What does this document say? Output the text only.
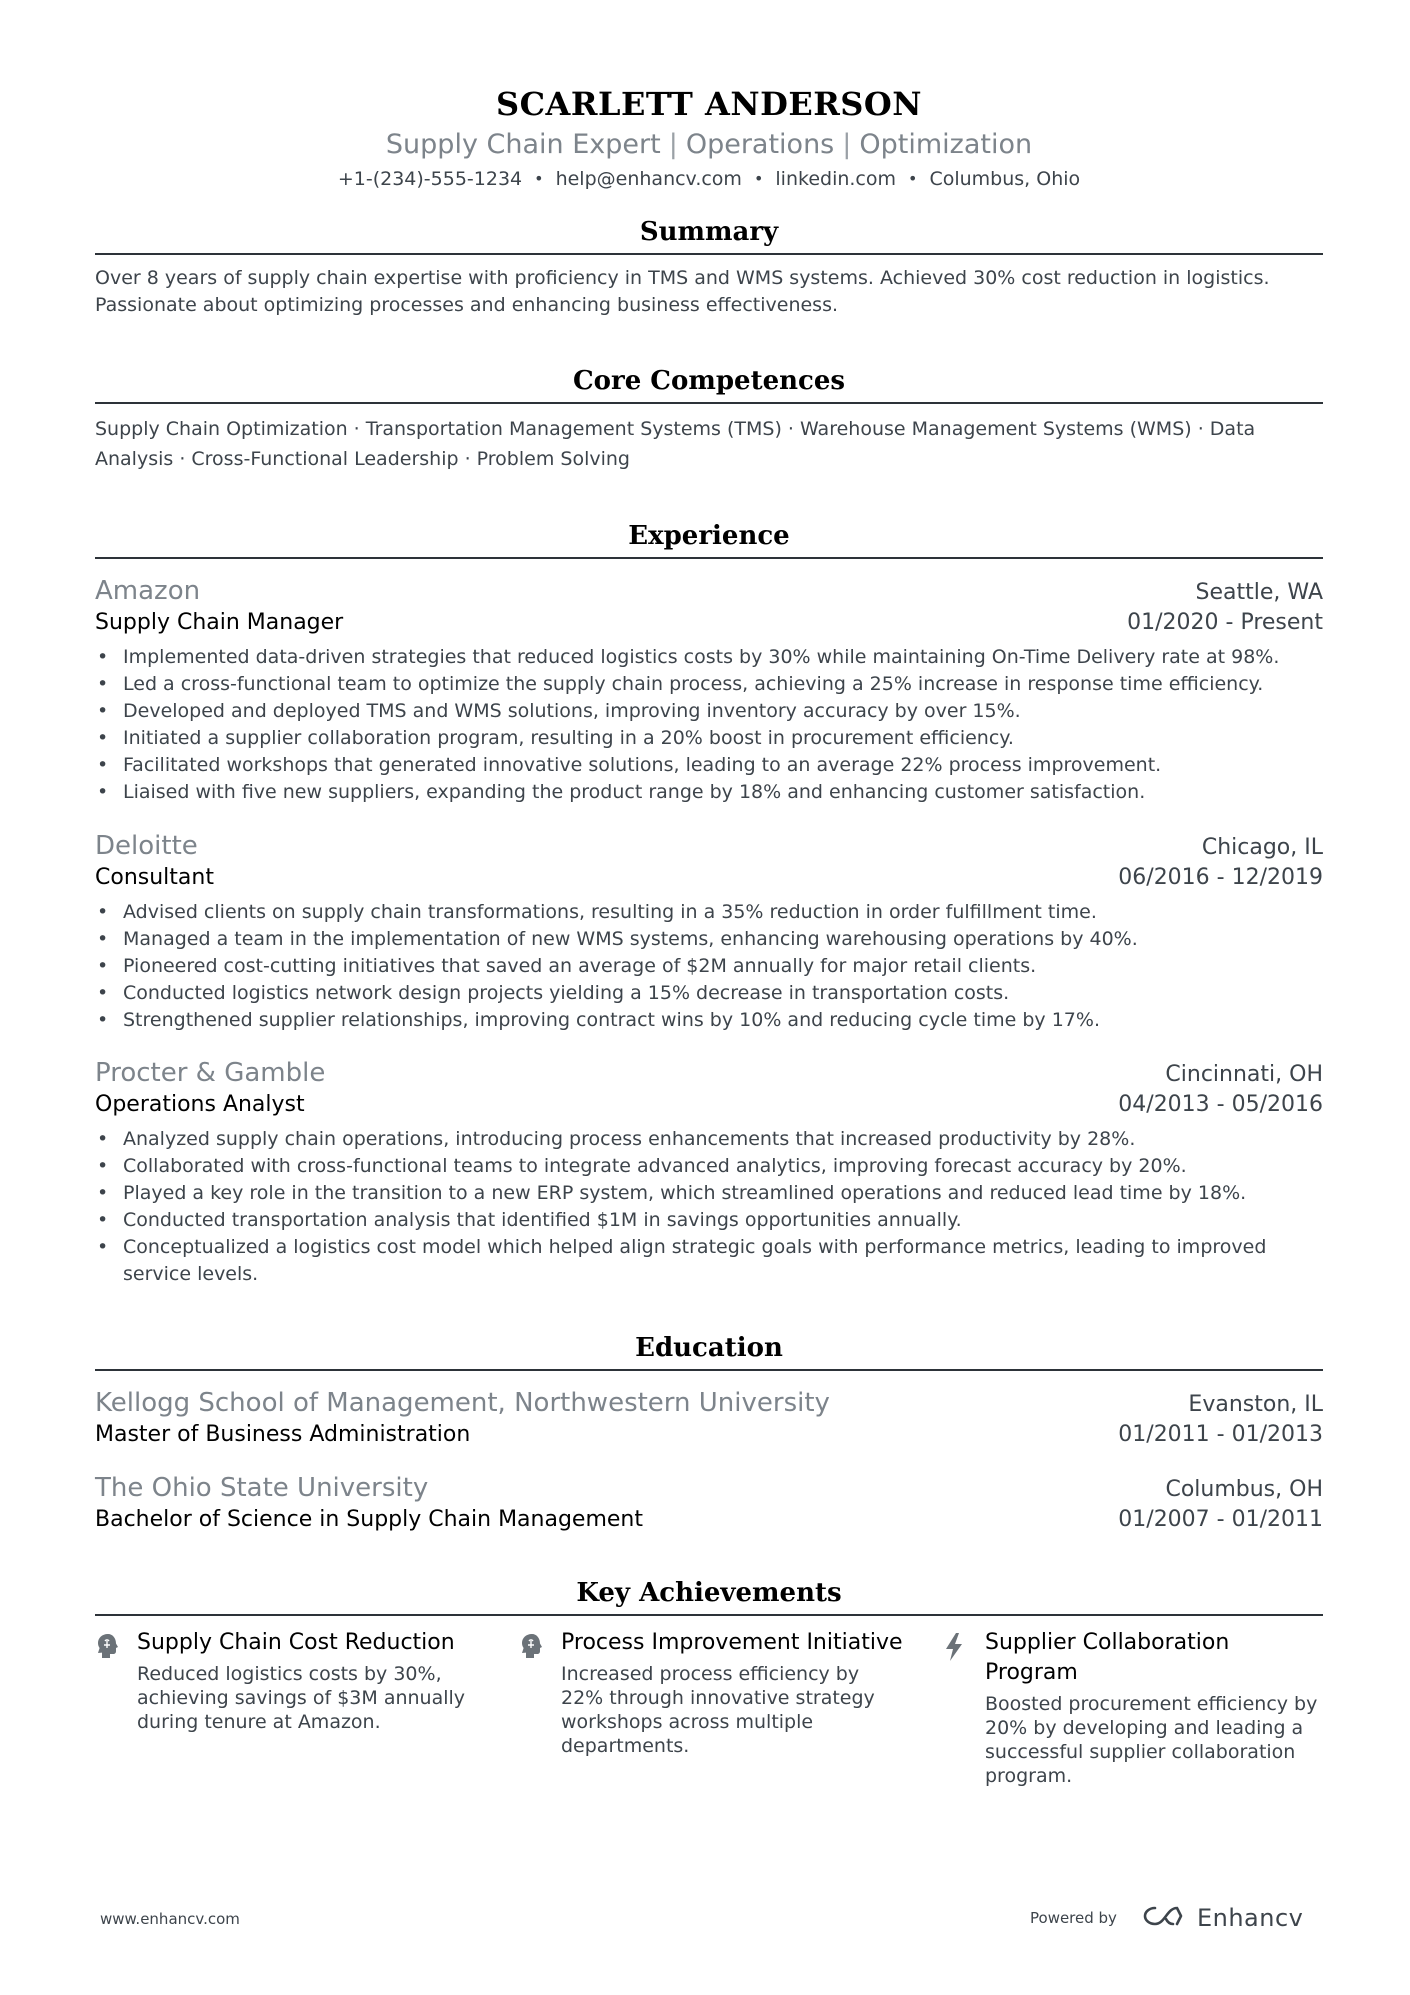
SCARLETT ANDERSON
Supply Chain Expert | Operations | Optimization
+1-(234)-555-1234 • help@enhancv.com • linkedin.com • Columbus, Ohio
Summary
Over 8 years of supply chain expertise with proficiency in TMS and WMS systems. Achieved 30% cost reduction in logistics. Passionate about optimizing processes and enhancing business effectiveness.
Core Competences
Supply Chain Optimization · Transportation Management Systems (TMS) · Warehouse Management Systems (WMS) · Data Analysis · Cross-Functional Leadership · Problem Solving
Experience
Amazon	Seattle, WA
Supply Chain Manager	01/2020 - Present
• Implemented data-driven strategies that reduced logistics costs by 30% while maintaining On-Time Delivery rate at 98%.
• Led a cross-functional team to optimize the supply chain process, achieving a 25% increase in response time efficiency.
• Developed and deployed TMS and WMS solutions, improving inventory accuracy by over 15%.
• Initiated a supplier collaboration program, resulting in a 20% boost in procurement efficiency.
• Facilitated workshops that generated innovative solutions, leading to an average 22% process improvement.
• Liaised with five new suppliers, expanding the product range by 18% and enhancing customer satisfaction.
Deloitte	Chicago, IL
Consultant	06/2016 - 12/2019
• Advised clients on supply chain transformations, resulting in a 35% reduction in order fulfillment time.
• Managed a team in the implementation of new WMS systems, enhancing warehousing operations by 40%.
• Pioneered cost-cutting initiatives that saved an average of $2M annually for major retail clients.
• Conducted logistics network design projects yielding a 15% decrease in transportation costs.
• Strengthened supplier relationships, improving contract wins by 10% and reducing cycle time by 17%.
Procter & Gamble	Cincinnati, OH
Operations Analyst	04/2013 - 05/2016
• Analyzed supply chain operations, introducing process enhancements that increased productivity by 28%.
• Collaborated with cross-functional teams to integrate advanced analytics, improving forecast accuracy by 20%.
• Played a key role in the transition to a new ERP system, which streamlined operations and reduced lead time by 18%.
• Conducted transportation analysis that identified $1M in savings opportunities annually.
• Conceptualized a logistics cost model which helped align strategic goals with performance metrics, leading to improved service levels.
Education
Kellogg School of Management, Northwestern University	Evanston, IL
Master of Business Administration	01/2011 - 01/2013
The Ohio State University	Columbus, OH
Bachelor of Science in Supply Chain Management	01/2007 - 01/2011
Key Achievements
Supply Chain Cost Reduction
Reduced logistics costs by 30%, achieving savings of $3M annually during tenure at Amazon.
Process Improvement Initiative
Increased process efficiency by 22% through innovative strategy workshops across multiple departments.
Supplier Collaboration Program
Boosted procurement efficiency by 20% by developing and leading a successful supplier collaboration program.
www.enhancv.com	Powered by	Enhancv
